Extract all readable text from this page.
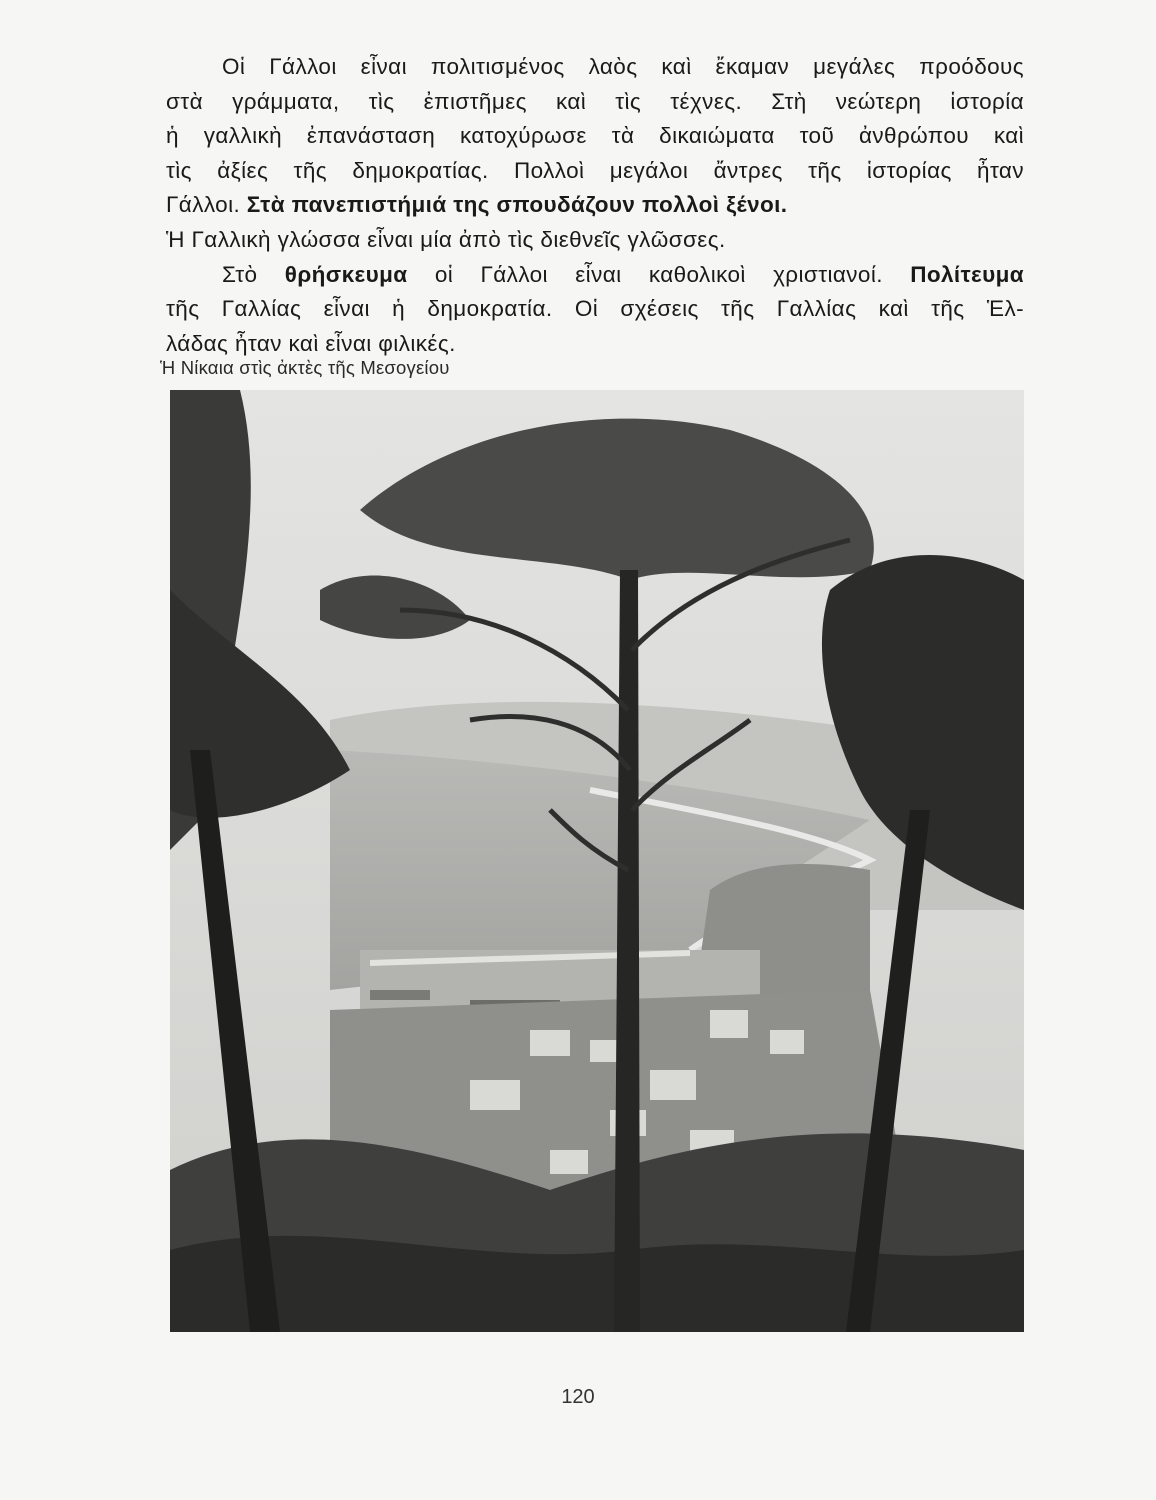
Οἱ Γάλλοι εἶναι πολιτισμένος λαὸς καὶ ἔκαμαν μεγάλες προόδους
στὰ γράμματα, τὶς ἐπιστῆμες καὶ τὶς τέχνες. Στὴ νεώτερη ἱστορία
ἡ γαλλικὴ ἐπανάσταση κατοχύρωσε τὰ δικαιώματα τοῦ ἀνθρώπου καὶ
τὶς ἀξίες τῆς δημοκρατίας. Πολλοὶ μεγάλοι ἄντρες τῆς ἱστορίας ἦταν
Γάλλοι. Στὰ πανεπιστήμιά της σπουδάζουν πολλοὶ ξένοι.
Ἡ Γαλλικὴ γλώσσα εἶναι μία ἀπὸ τὶς διεθνεῖς γλῶσσες.
Στὸ θρήσκευμα οἱ Γάλλοι εἶναι καθολικοὶ χριστιανοί. Πολίτευμα
τῆς Γαλλίας εἶναι ἡ δημοκρατία. Οἱ σχέσεις τῆς Γαλλίας καὶ τῆς Ἑλ-
λάδας ἦταν καὶ εἶναι φιλικές.
Ἡ Νίκαια στὶς ἀκτὲς τῆς Μεσογείου
120
